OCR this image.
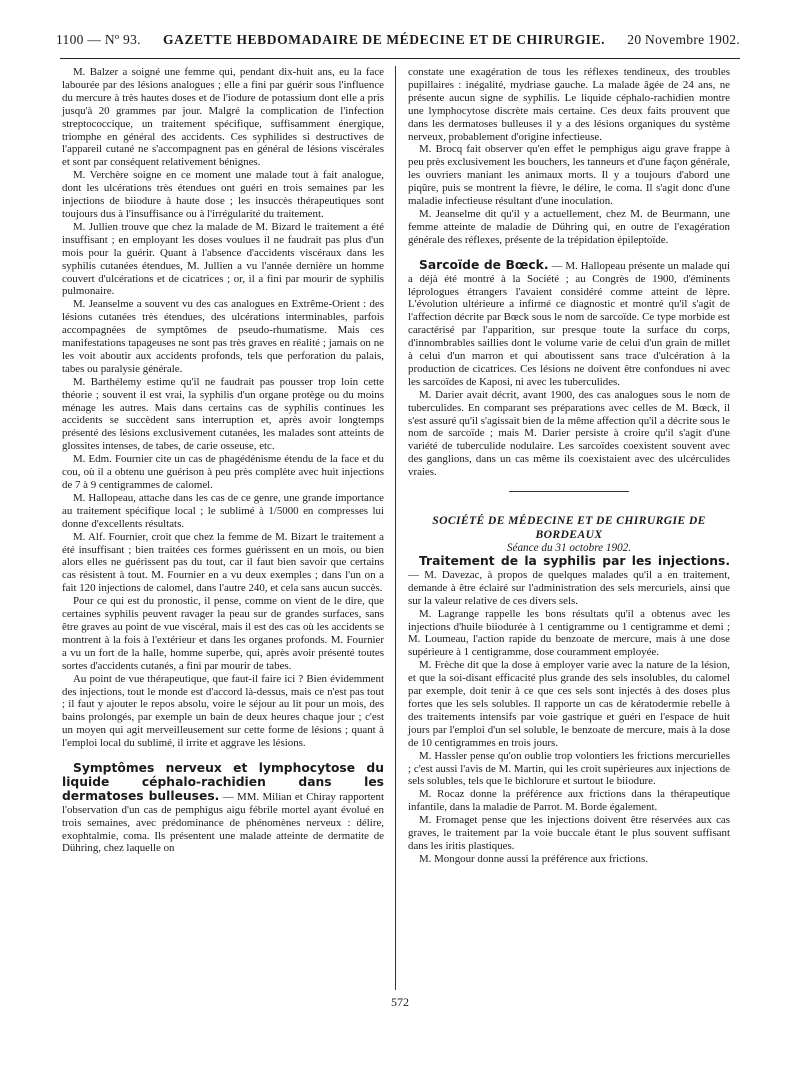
1100 — Nº 93. GAZETTE HEBDOMADAIRE DE MÉDECINE ET DE CHIRURGIE. 20 Novembre 1902.

M. Balzer a soigné une femme qui, pendant dix-huit ans, eu la face labourée par des lésions analogues ; elle a fini par guérir sous l'influence du mercure à très hautes doses et de l'iodure de potassium dont elle a pris jusqu'à 20 grammes par jour. Malgré la complication de l'infection streptococcique, un traitement spécifique, suffisamment énergique, triomphe en général des accidents. Ces syphilides si destructives de l'appareil cutané ne s'accompagnent pas en général de lésions viscérales et sont par conséquent relativement bénignes.

M. Verchère soigne en ce moment une malade tout à fait analogue, dont les ulcérations très étendues ont guéri en trois semaines par les injections de biiodure à haute dose ; les insuccès thérapeutiques sont toujours dus à l'insuffisance ou à l'irrégularité du traitement.

M. Jullien trouve que chez la malade de M. Bizard le traitement a été insuffisant ; en employant les doses voulues il ne faudrait pas plus d'un mois pour la guérir. Quant à l'absence d'accidents viscéraux dans les syphilis cutanées étendues, M. Jullien a vu l'année dernière un homme couvert d'ulcérations et de cicatrices ; or, il a fini par mourir de syphilis pulmonaire.

M. Jeanselme a souvent vu des cas analogues en Extrême-Orient : des lésions cutanées très étendues, des ulcérations interminables, parfois accompagnées de symptômes de pseudo-rhumatisme. Mais ces manifestations tapageuses ne sont pas très graves en réalité ; jamais on ne les voit aboutir aux accidents profonds, tels que perforation du palais, tabes ou paralysie générale.

M. Barthélemy estime qu'il ne faudrait pas pousser trop loin cette théorie ; souvent il est vrai, la syphilis d'un organe protège ou du moins ménage les autres. Mais dans certains cas de syphilis continues les accidents se succèdent sans interruption et, après avoir longtemps présenté des lésions exclusivement cutanées, les malades sont atteints de glossites intenses, de tabes, de carie osseuse, etc.

M. Edm. Fournier cite un cas de phagédénisme étendu de la face et du cou, où il a obtenu une guérison à peu près complète avec huit injections de 7 à 9 centigrammes de calomel.

M. Hallopeau, attache dans les cas de ce genre, une grande importance au traitement spécifique local ; le sublimé à 1/5000 en compresses lui donne d'excellents résultats.

M. Alf. Fournier, croit que chez la femme de M. Bizart le traitement a été insuffisant ; bien traitées ces formes guérissent en un mois, ou bien alors elles ne guérissent pas du tout, car il faut bien savoir que certains cas résistent à tout. M. Fournier en a vu deux exemples ; dans l'un on a fait 120 injections de calomel, dans l'autre 240, et cela sans aucun succès.

Pour ce qui est du pronostic, il pense, comme on vient de le dire, que certaines syphilis peuvent ravager la peau sur de grandes surfaces, sans être graves au point de vue viscéral, mais il est des cas où les accidents se montrent à la fois à l'extérieur et dans les organes profonds. M. Fournier a vu un fort de la halle, homme superbe, qui, après avoir présenté toutes sortes d'accidents cutanés, a fini par mourir de tabes.

Au point de vue thérapeutique, que faut-il faire ici ? Bien évidemment des injections, tout le monde est d'accord là-dessus, mais ce n'est pas tout ; il faut y ajouter le repos absolu, voire le séjour au lit pour un mois, des bains prolongés, par exemple un bain de deux heures chaque jour ; c'est un moyen qui agit merveilleusement sur cette forme de lésions ; quant à l'emploi local du sublimé, il irrite et aggrave les lésions.

Symptômes nerveux et lymphocytose du liquide céphalo-rachidien dans les dermatoses bulleuses. — MM. Milian et Chiray rapportent l'observation d'un cas de pemphigus aigu fébrile mortel ayant évolué en trois semaines, avec prédominance de phénomènes nerveux : délire, exophtalmie, coma. Ils présentent une malade atteinte de dermatite de Dühring, chez laquelle on

constate une exagération de tous les réflexes tendineux, des troubles pupillaires : inégalité, mydriase gauche. La malade âgée de 24 ans, ne présente aucun signe de syphilis. Le liquide céphalo-rachidien montre une lymphocytose discrète mais certaine. Ces deux faits prouvent que dans les dermatoses bulleuses il y a des lésions organiques du système nerveux, probablement d'origine infectieuse.

M. Brocq fait observer qu'en effet le pemphigus aigu grave frappe à peu près exclusivement les bouchers, les tanneurs et d'une façon générale, les ouvriers maniant les animaux morts. Il y a toujours d'abord une piqûre, puis se montrent la fièvre, le délire, le coma. Il s'agit donc d'une maladie infectieuse résultant d'une inoculation.

M. Jeanselme dit qu'il y a actuellement, chez M. de Beurmann, une femme atteinte de maladie de Dühring qui, en outre de l'exagération générale des réflexes, présente de la trépidation épileptoïde.

Sarcoïde de Bœck. — M. Hallopeau présente un malade qui a déjà été montré à la Société ; au Congrès de 1900, d'éminents léprologues étrangers l'avaient considéré comme atteint de lèpre. L'évolution ultérieure a infirmé ce diagnostic et montré qu'il s'agit de l'affection décrite par Bœck sous le nom de sarcoïde. Ce type morbide est caractérisé par l'apparition, sur presque toute la surface du corps, d'innombrables saillies dont le volume varie de celui d'un grain de millet à celui d'un marron et qui aboutissent sans trace d'ulcération à la production de cicatrices. Ces lésions ne doivent être confondues ni avec les sarcoïdes de Kaposi, ni avec les tuberculides.

M. Darier avait décrit, avant 1900, des cas analogues sous le nom de tuberculides. En comparant ses préparations avec celles de M. Bœck, il s'est assuré qu'il s'agissait bien de la même affection qu'il a décrite sous le nom de sarcoïde ; mais M. Darier persiste à croire qu'il s'agit d'une variété de tuberculide nodulaire. Les sarcoïdes coexistent souvent avec des ganglions, dans un cas même ils coexistaient avec des ulcérculides vraies.

SOCIÉTÉ DE MÉDECINE ET DE CHIRURGIE DE BORDEAUX

Séance du 31 octobre 1902.

Traitement de la syphilis par les injections. — M. Davezac, à propos de quelques malades qu'il a en traitement, demande à être éclairé sur l'administration des sels mercuriels, ainsi que sur la valeur relative de ces divers sels.

M. Lagrange rappelle les bons résultats qu'il a obtenus avec les injections d'huile biiodurée à 1 centigramme ou 1 centigramme et demi ; M. Loumeau, l'action rapide du benzoate de mercure, mais à une dose supérieure à 1 centigramme, dose couramment employée.

M. Frèche dit que la dose à employer varie avec la nature de la lésion, et que la soi-disant efficacité plus grande des sels insolubles, du calomel par exemple, doit tenir à ce que ces sels sont injectés à des doses plus fortes que les sels solubles. Il rapporte un cas de kératodermie rebelle à des traitements intensifs par voie gastrique et guéri en l'espace de huit jours par l'emploi d'un sel soluble, le benzoate de mercure, mais à la dose de 10 centigrammes en trois jours.

M. Hassler pense qu'on oublie trop volontiers les frictions mercurielles ; c'est aussi l'avis de M. Martin, qui les croit supérieures aux injections de sels solubles, tels que le bichlorure et surtout le biiodure.

M. Rocaz donne la préférence aux frictions dans la thérapeutique infantile, dans la maladie de Parrot. M. Borde également.

M. Fromaget pense que les injections doivent être réservées aux cas graves, le traitement par la voie buccale étant le plus souvent suffisant dans les iritis plastiques.

M. Mongour donne aussi la préférence aux frictions.

572
